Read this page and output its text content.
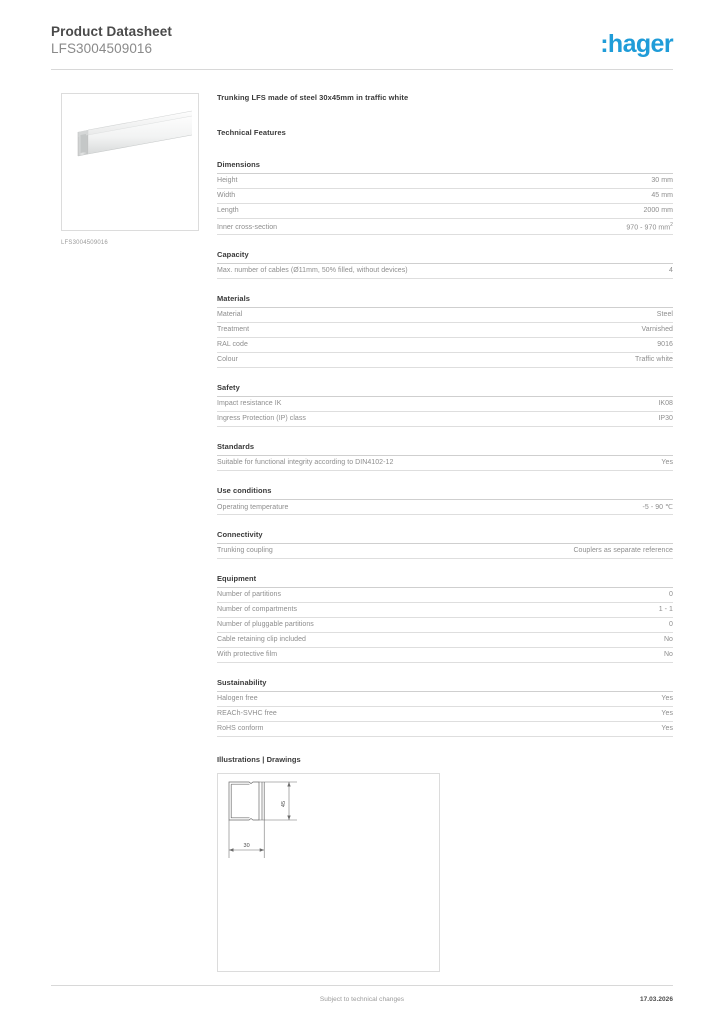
Product Datasheet
LFS3004509016	:hager
LFS3004509016
Trunking LFS made of steel 30x45mm in traffic white
Technical Features
Dimensions
Height	30 mm
Width	45 mm
Length	2000 mm
Inner cross-section	970 - 970 $mm^2$
Capacity
Max. number of cables (Ø11mm, 50% filled, without devices)	4
Materials
Material	Steel
Treatment	Varnished
RAL code	9016
Colour	Traffic white
Safety
Impact resistance IK	IK08
Ingress Protection (IP) class	IP30
Standards
Suitable for functional integrity according to DIN4102-12	Yes
Use conditions
Operating temperature	-5 - 90 ℃
Connectivity
Trunking coupling	Couplers as separate reference
Equipment
Number of partitions	0
Number of compartments	1 - 1
Number of pluggable partitions	0
Cable retaining clip included	No
With protective film	No
Sustainability
Halogen free	Yes
REACh-SVHC free	Yes
RoHS conform	Yes
Illustrations | Drawings
45
30
Subject to technical changes	17.03.2026
